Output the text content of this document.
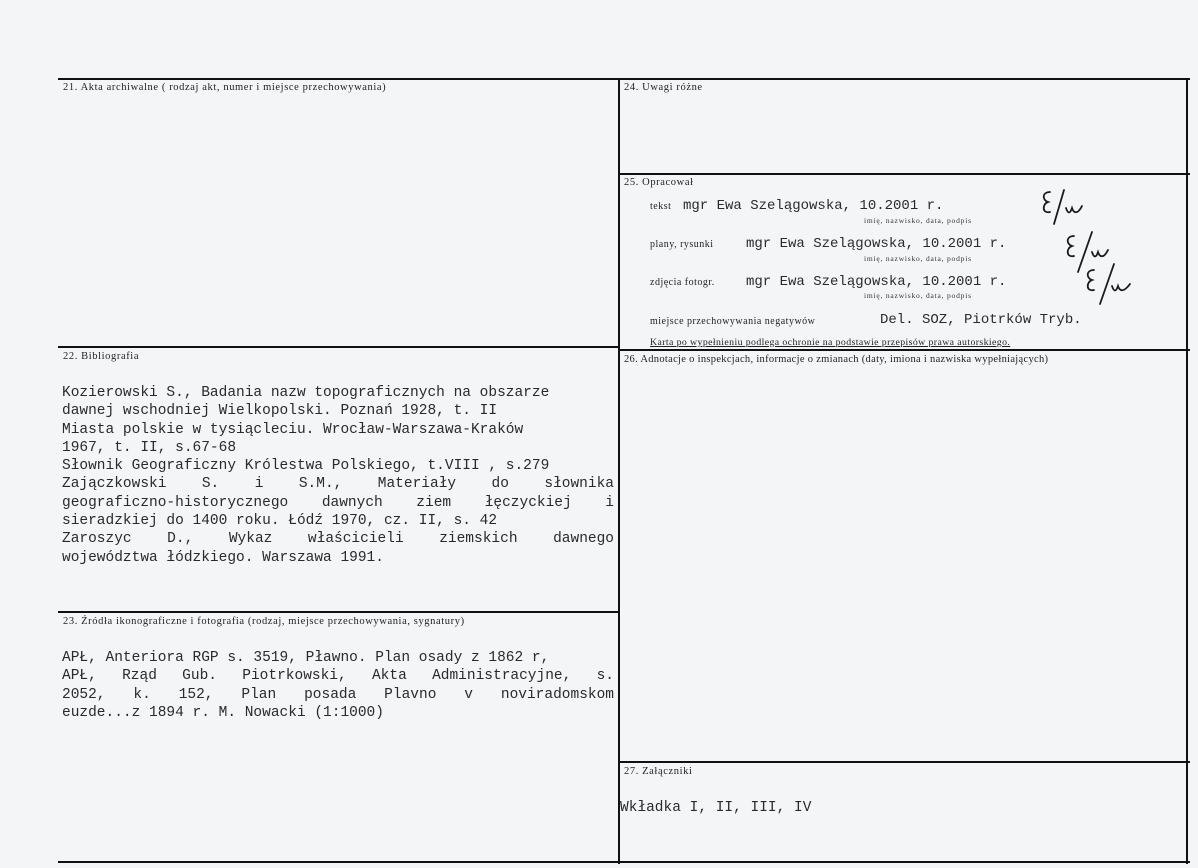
21. Akta archiwalne ( rodzaj akt, numer i miejsce przechowywania)
22. Bibliografia

Kozierowski S., Badania nazw topograficznych na obszarze

dawnej wschodniej Wielkopolski. Poznań 1928, t. II

Miasta polskie w tysiącleciu. Wrocław-Warszawa-Kraków

1967, t. II, s.67-68

Słownik Geograficzny Królestwa Polskiego, t.VIII , s.279

Zajączkowski S. i S.M., Materiały do słownika

geograficzno-historycznego dawnych ziem łęczyckiej i

sieradzkiej do 1400 roku. Łódź 1970, cz. II, s. 42

Zaroszyc D., Wykaz właścicieli ziemskich dawnego

województwa łódzkiego. Warszawa 1991.

23. Źródła ikonograficzne i fotografia (rodzaj, miejsce przechowywania, sygnatury)

APŁ, Anteriora RGP s. 3519, Pławno. Plan osady z 1862 r,

APŁ, Rząd Gub. Piotrkowski, Akta Administracyjne, s.

2052, k. 152, Plan posada Plavno v noviradomskom

euzde...z 1894 r. M. Nowacki (1:1000)

24. Uwagi różne
25. Opracował
tekst mgr Ewa Szelągowska, 10.2001 r.
imię, nazwisko, data, podpis
plany, rysunki mgr Ewa Szelągowska, 10.2001 r.
imię, nazwisko, data, podpis
zdjęcia fotogr. mgr Ewa Szelągowska, 10.2001 r.
imię, nazwisko, data, podpis
miejsce przechowywania negatywów	Del. SOZ, Piotrków Tryb.
Karta po wypełnieniu podlega ochronie na podstawie przepisów prawa autorskiego.
26. Adnotacje o inspekcjach, informacje o zmianach (daty, imiona i nazwiska wypełniających)
27. Załączniki
Wkładka I, II, III, IV
